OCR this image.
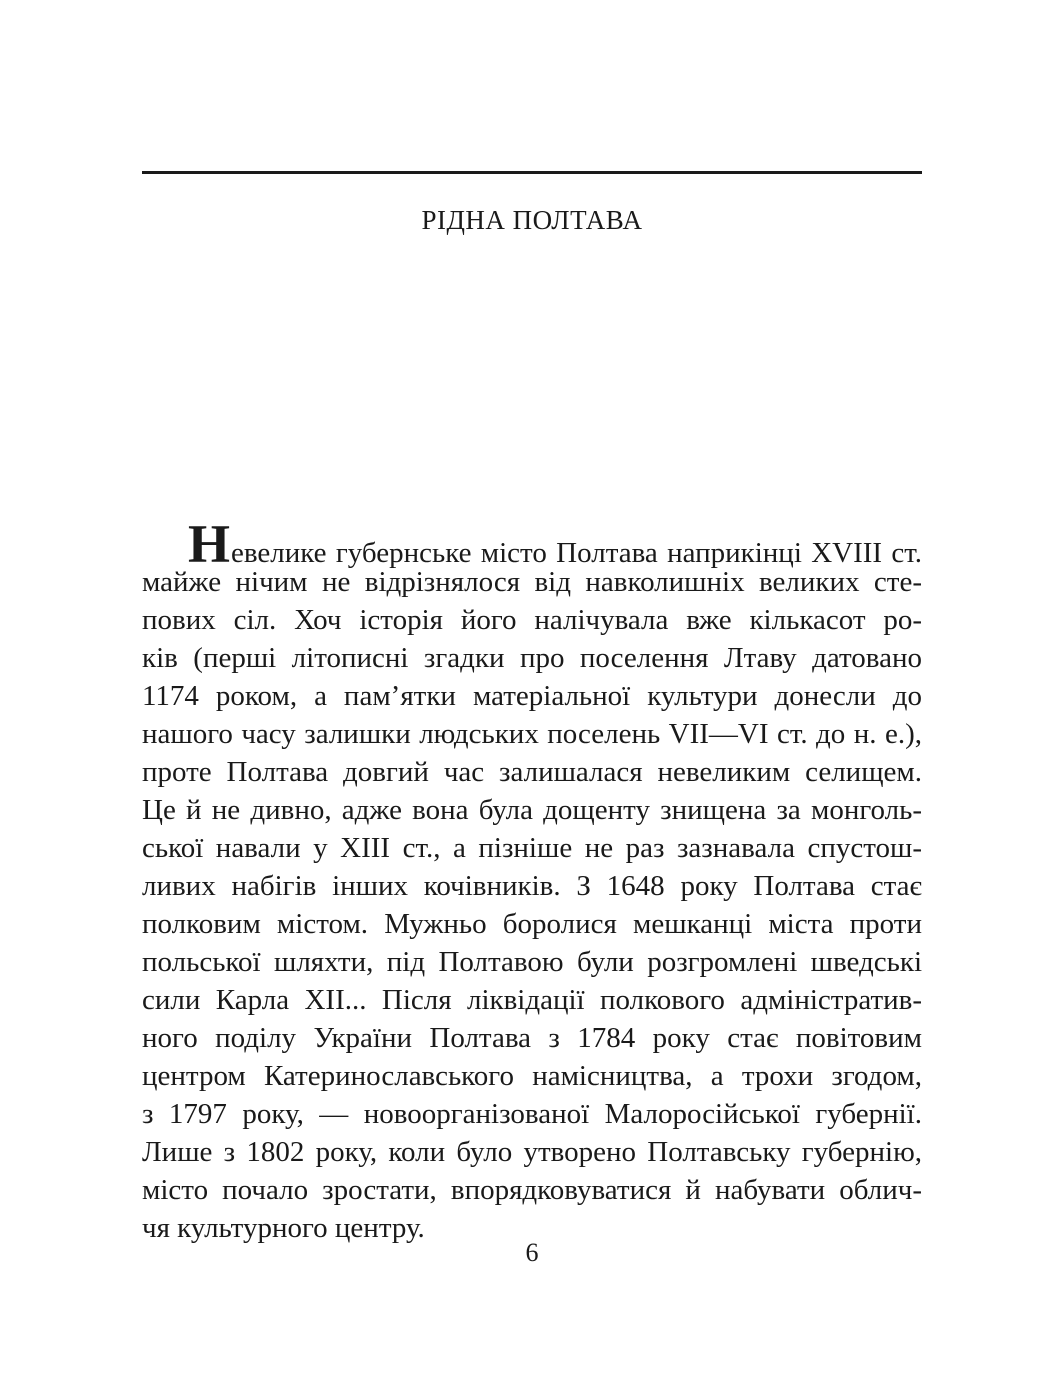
РІДНА ПОЛТАВА
Невелике губернське місто Полтава наприкінці XVIII ст.
майже нічим не відрізнялося від навколишніх великих сте-
пових сіл. Хоч історія його налічувала вже кількасот ро-
ків (перші літописні згадки про поселення Лтаву датовано
1174 роком, а пам’ятки матеріальної культури донесли до
нашого часу залишки людських поселень VII—VI ст. до н. е.),
проте Полтава довгий час залишалася невеликим селищем.
Це й не дивно, адже вона була дощенту знищена за монголь-
ської навали у XIII ст., а пізніше не раз зазнавала спустош-
ливих набігів інших кочівників. З 1648 року Полтава стає
полковим містом. Мужньо боролися мешканці міста проти
польської шляхти, під Полтавою були розгромлені шведські
сили Карла XII... Після ліквідації полкового адміністратив-
ного поділу України Полтава з 1784 року стає повітовим
центром Катеринославського намісництва, а трохи згодом,
з 1797 року, — новоорганізованої Малоросійської губернії.
Лише з 1802 року, коли було утворено Полтавську губернію,
місто почало зростати, впорядковуватися й набувати облич-
чя культурного центру.
6
